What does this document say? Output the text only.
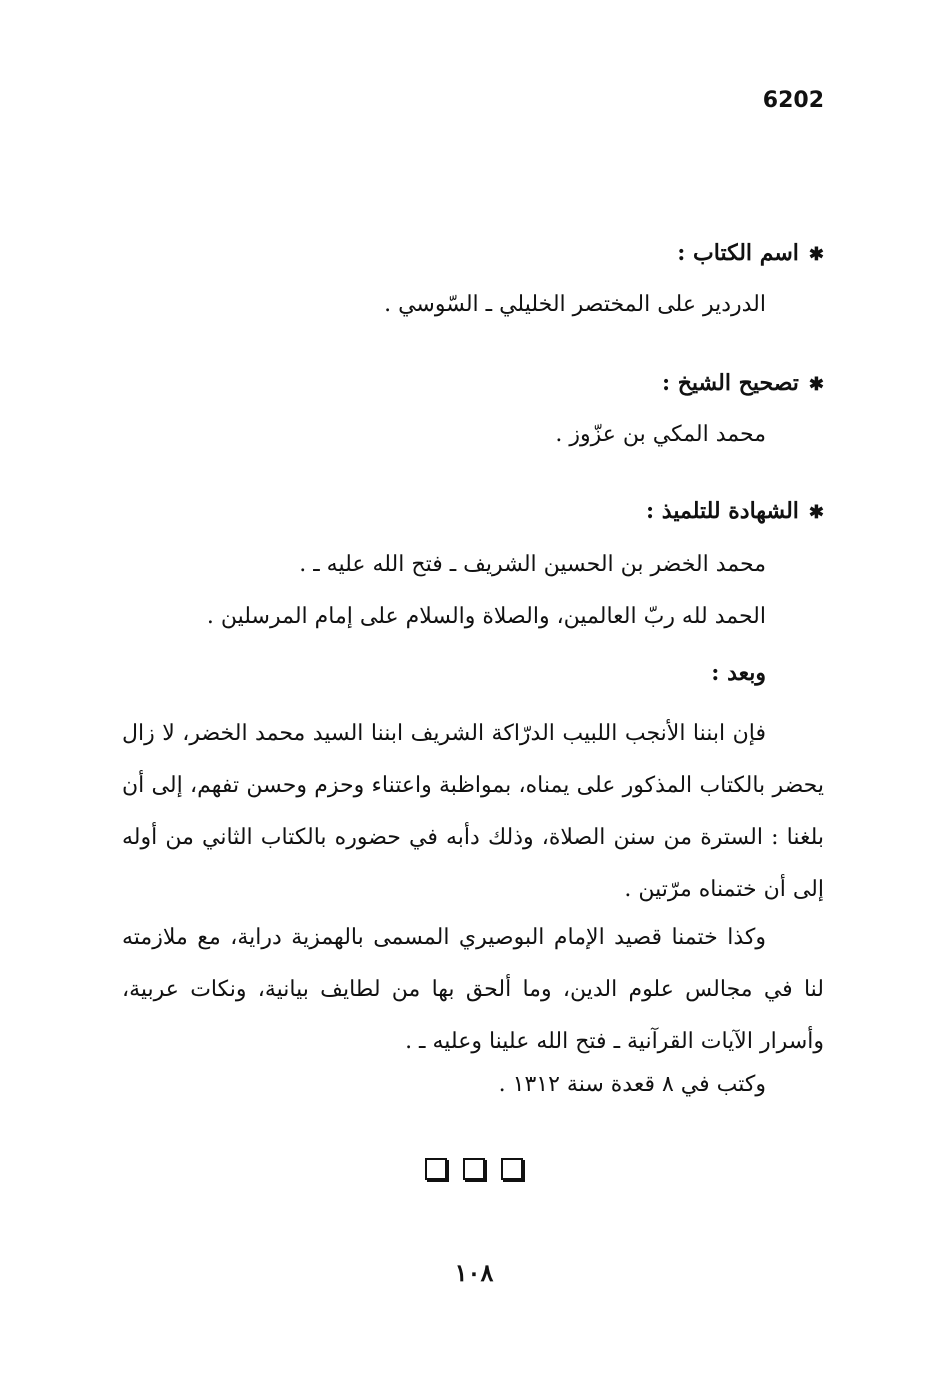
6202
✱اسم الكتاب :
الدردير على المختصر الخليلي ـ السّوسي .
✱تصحيح الشيخ :
محمد المكي بن عزّوز .
✱الشهادة للتلميذ :
محمد الخضر بن الحسين الشريف ـ فتح الله عليه ـ .
الحمد لله ربّ العالمين، والصلاة والسلام على إمام المرسلين .
وبعد :
فإن ابننا الأنجب اللبيب الدرّاكة الشريف ابننا السيد محمد الخضر، لا زال يحضر بالكتاب المذكور على يمناه، بمواظبة واعتناء وحزم وحسن تفهم، إلى أن بلغنا : السترة من سنن الصلاة، وذلك دأبه في حضوره بالكتاب الثاني من أوله إلى أن ختمناه مرّتين .
وكذا ختمنا قصيد الإمام البوصيري المسمى بالهمزية دراية، مع ملازمته لنا في مجالس علوم الدين، وما ألحق بها من لطايف بيانية، ونكات عربية، وأسرار الآيات القرآنية ـ فتح الله علينا وعليه ـ .
وكتب في ٨ قعدة سنة ١٣١٢ .
١٠٨
